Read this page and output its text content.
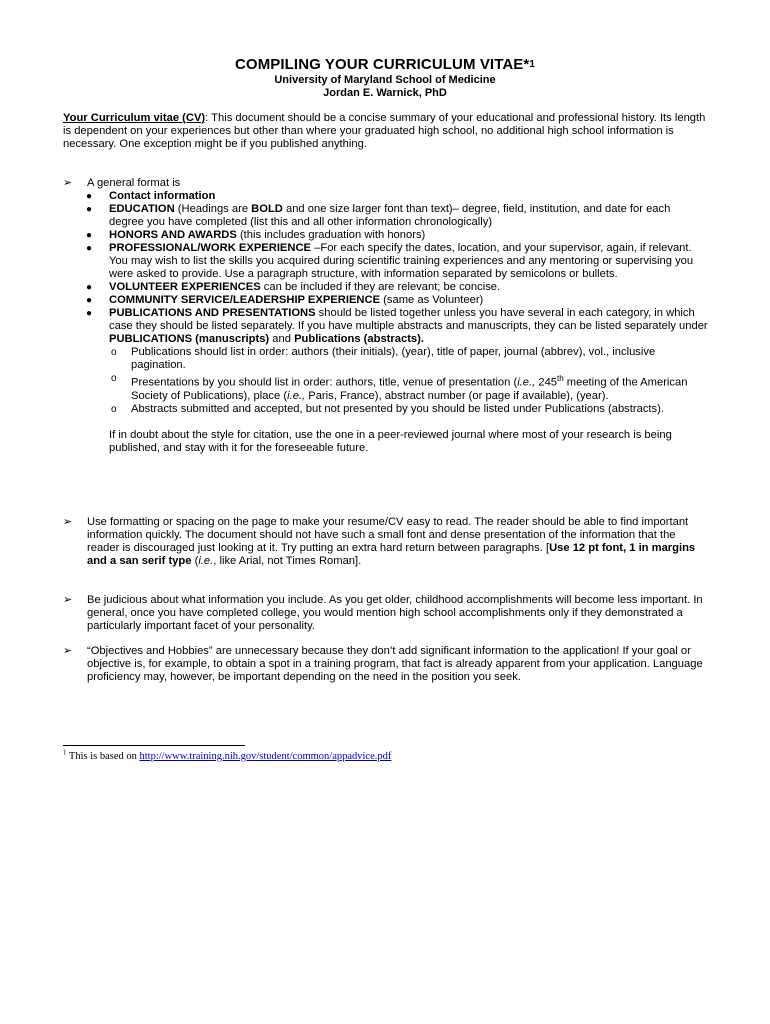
COMPILING YOUR CURRICULUM VITAE*$^1$
University of Maryland School of Medicine
Jordan E. Warnick, PhD
Your Curriculum vitae (CV): This document should be a concise summary of your educational and professional history. Its length is dependent on your experiences but other than where your graduated high school, no additional high school information is necessary. One exception might be if you published anything.
➢	A general format is
● Contact information
● EDUCATION (Headings are BOLD and one size larger font than text)– degree, field, institution, and date for each degree you have completed (list this and all other information chronologically)
● HONORS AND AWARDS (this includes graduation with honors)
● PROFESSIONAL/WORK EXPERIENCE –For each specify the dates, location, and your supervisor, again, if relevant. You may wish to list the skills you acquired during scientific training experiences and any mentoring or supervising you were asked to provide. Use a paragraph structure, with information separated by semicolons or bullets.
● VOLUNTEER EXPERIENCES can be included if they are relevant; be concise.
● COMMUNITY SERVICE/LEADERSHIP EXPERIENCE (same as Volunteer)
● PUBLICATIONS AND PRESENTATIONS should be listed together unless you have several in each category, in which case they should be listed separately. If you have multiple abstracts and manuscripts, they can be listed separately under PUBLICATIONS (manuscripts) and Publications (abstracts).
o Publications should list in order: authors (their initials), (year), title of paper, journal (abbrev), vol., inclusive pagination.
o Presentations by you should list in order: authors, title, venue of presentation (i.e., 245th meeting of the American Society of Publications), place (i.e., Paris, France), abstract number (or page if available), (year).
o Abstracts submitted and accepted, but not presented by you should be listed under Publications (abstracts).
If in doubt about the style for citation, use the one in a peer-reviewed journal where most of your research is being published, and stay with it for the foreseeable future.
➢	Use formatting or spacing on the page to make your resume/CV easy to read. The reader should be able to find important information quickly. The document should not have such a small font and dense presentation of the information that the reader is discouraged just looking at it. Try putting an extra hard return between paragraphs. [Use 12 pt font, 1 in margins and a san serif type (i.e., like Arial, not Times Roman].
➢	Be judicious about what information you include. As you get older, childhood accomplishments will become less important. In general, once you have completed college, you would mention high school accomplishments only if they demonstrated a particularly important facet of your personality.
➢	“Objectives and Hobbies” are unnecessary because they don’t add significant information to the application! If your goal or objective is, for example, to obtain a spot in a training program, that fact is already apparent from your application. Language proficiency may, however, be important depending on the need in the position you seek.
$^1$ This is based on http://www.training.nih.gov/student/common/appadvice.pdf
